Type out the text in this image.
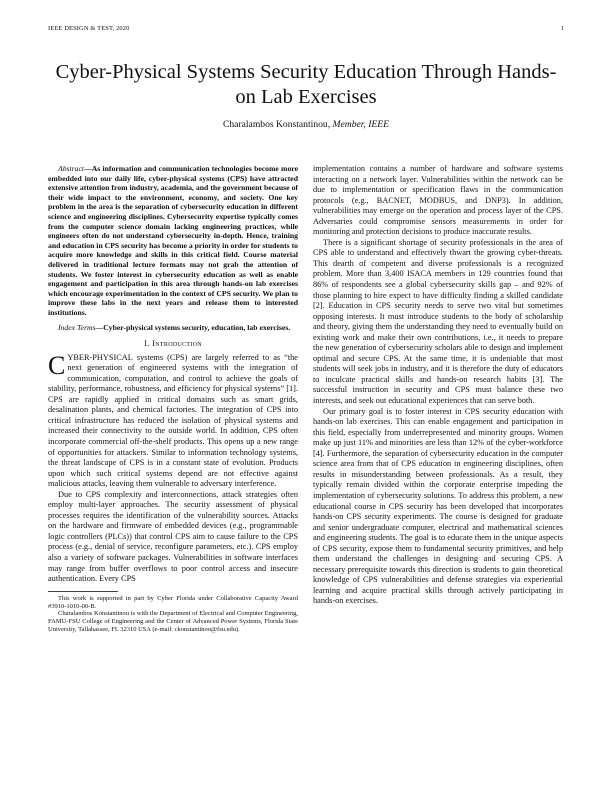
IEEE DESIGN & TEST, 2020	1
Cyber-Physical Systems Security Education Through Hands-on Lab Exercises
Charalambos Konstantinou, Member, IEEE

Abstract—As information and communication technologies become more embedded into our daily life, cyber-physical systems (CPS) have attracted extensive attention from industry, academia, and the government because of their wide impact to the environment, economy, and society. One key problem in the area is the separation of cybersecurity education in different science and engineering disciplines. Cybersecurity expertise typically comes from the computer science domain lacking engineering practices, while engineers often do not understand cybersecurity in-depth. Hence, training and education in CPS security has become a priority in order for students to acquire more knowledge and skills in this critical field. Course material delivered in traditional lecture formats may not grab the attention of students. We foster interest in cybersecurity education as well as enable engagement and participation in this area through hands-on lab exercises which encourage experimentation in the context of CPS security. We plan to improve these labs in the next years and release them to interested institutions.

Index Terms—Cyber-physical systems security, education, lab exercises.

I. Introduction

CYBER-PHYSICAL systems (CPS) are largely referred to as “the next generation of engineered systems with the integration of communication, computation, and control to achieve the goals of stability, performance, robustness, and efficiency for physical systems” [1]. CPS are rapidly applied in critical domains such as smart grids, desalination plants, and chemical factories. The integration of CPS into critical infrastructure has reduced the isolation of physical systems and increased their connectivity to the outside world. In addition, CPS often incorporate commercial off-the-shelf products. This opens up a new range of opportunities for attackers. Similar to information technology systems, the threat landscape of CPS is in a constant state of evolution. Products upon which such critical systems depend are not effective against malicious attacks, leaving them vulnerable to adversary interference.

Due to CPS complexity and interconnections, attack strategies often employ multi-layer approaches. The security assessment of physical processes requires the identification of the vulnerability sources. Attacks on the hardware and firmware of embedded devices (e.g., programmable logic controllers (PLCs)) that control CPS aim to cause failure to the CPS process (e.g., denial of service, reconfigure parameters, etc.). CPS employ also a variety of software packages. Vulnerabilities in software interfaces may range from buffer overflows to poor control access and insecure authentication. Every CPS

This work is supported in part by Cyber Florida under Collaborative Capacity Award #3910-1010-00-B.

Charalambos Konstantinou is with the Department of Electrical and Computer Engineering, FAMU-FSU College of Engineering and the Center of Advanced Power Systems, Florida State University, Tallahassee, FL 32310 USA (e-mail: ckonstantinou@fsu.edu).

implementation contains a number of hardware and software systems interacting on a network layer. Vulnerabilities within the network can be due to implementation or specification flaws in the communication protocols (e.g., BACNET, MODBUS, and DNP3). In addition, vulnerabilities may emerge on the operation and process layer of the CPS. Adversaries could compromise sensors measurements in order for monitoring and protection decisions to produce inaccurate results.

There is a significant shortage of security professionals in the area of CPS able to understand and effectively thwart the growing cyber-threats. This dearth of competent and diverse professionals is a recognized problem. More than 3,400 ISACA members in 129 countries found that 86% of respondents see a global cybersecurity skills gap – and 92% of those planning to hire expect to have difficulty finding a skilled candidate [2]. Education in CPS security needs to serve two vital but sometimes opposing interests. It must introduce students to the body of scholarship and theory, giving them the understanding they need to eventually build on existing work and make their own contributions, i.e., it needs to prepare the new generation of cybersecurity scholars able to design and implement optimal and secure CPS. At the same time, it is undeniable that most students will seek jobs in industry, and it is therefore the duty of educators to inculcate practical skills and hands-on research habits [3]. The successful instruction in security and CPS must balance these two interests, and seek out educational experiences that can serve both.

Our primary goal is to foster interest in CPS security education with hands-on lab exercises. This can enable engagement and participation in this field, especially from underrepresented and minority groups. Women make up just 11% and minorities are less than 12% of the cyber-workforce [4]. Furthermore, the separation of cybersecurity education in the computer science area from that of CPS education in engineering disciplines, often results in misunderstanding between professionals. As a result, they typically remain divided within the corporate enterprise impeding the implementation of cybersecurity solutions. To address this problem, a new educational course in CPS security has been developed that incorporates hands-on CPS security experiments. The course is designed for graduate and senior undergraduate computer, electrical and mathematical sciences and engineering students. The goal is to educate them in the unique aspects of CPS security, expose them to fundamental security primitives, and help them understand the challenges in designing and securing CPS. A necessary prerequisite towards this direction is students to gain theoretical knowledge of CPS vulnerabilities and defense strategies via experiential learning and acquire practical skills through actively participating in hands-on exercises.
